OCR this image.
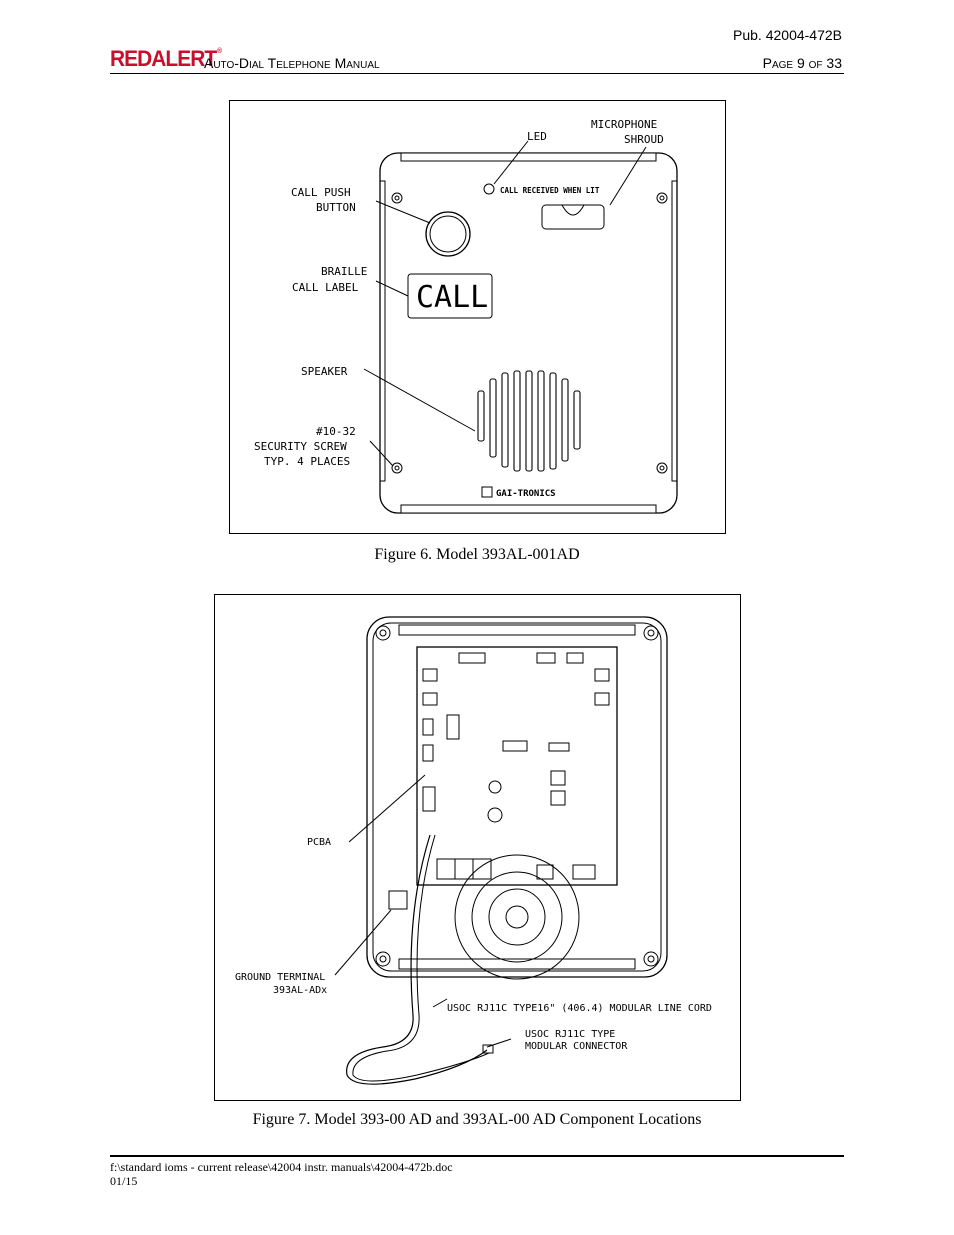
Pub. 42004-472B
REDALERT®
Auto-Dial Telephone Manual	Page 9 of 33
LED
MICROPHONE
SHROUD
CALL PUSH
BUTTON
BRAILLE
CALL LABEL
SPEAKER
#10-32
SECURITY SCREW
TYP. 4 PLACES
CALL RECEIVED WHEN LIT
CALL
GAI-TRONICS
Figure 6. Model 393AL-001AD
PCBA
GROUND TERMINAL
393AL-ADx
USOC RJ11C TYPE16" (406.4) MODULAR LINE CORD
USOC RJ11C TYPE
MODULAR CONNECTOR
Figure 7. Model 393-00 AD and 393AL-00 AD Component Locations
f:\standard ioms - current release\42004 instr. manuals\42004-472b.doc
01/15
